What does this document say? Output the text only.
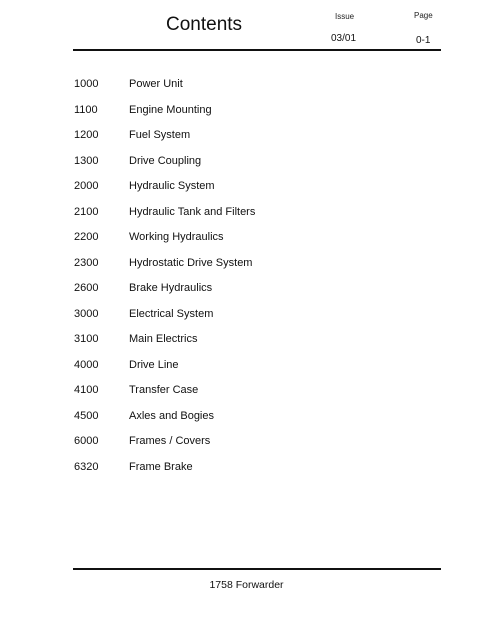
Contents	Issue
03/01
Page
0-1
1000	Power Unit
1100	Engine Mounting
1200	Fuel System
1300	Drive Coupling
2000	Hydraulic System
2100	Hydraulic Tank and Filters
2200	Working Hydraulics
2300	Hydrostatic Drive System
2600	Brake Hydraulics
3000	Electrical System
3100	Main Electrics
4000	Drive Line
4100	Transfer Case
4500	Axles and Bogies
6000	Frames / Covers
6320	Frame Brake
1758 Forwarder
